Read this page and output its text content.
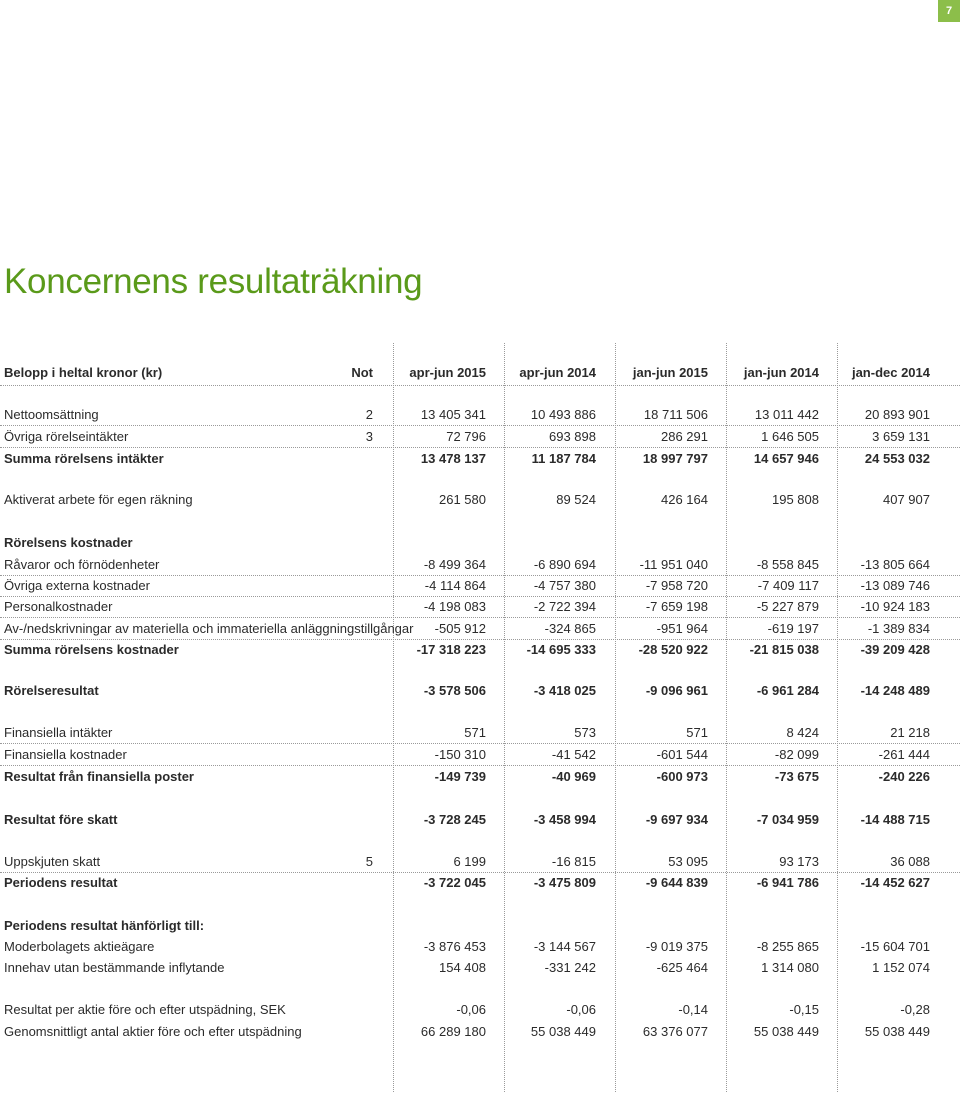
7
Koncernens resultaträkning
Belopp i heltal kronor (kr)	Not	apr-jun 2015	apr-jun 2014	jan-jun 2015	jan-jun 2014	jan-dec 2014
Nettoomsättning	2	13 405 341	10 493 886	18 711 506	13 011 442	20 893 901
Övriga rörelseintäkter	3	72 796	693 898	286 291	1 646 505	3 659 131
Summa rörelsens intäkter	13 478 137	11 187 784	18 997 797	14 657 946	24 553 032
Aktiverat arbete för egen räkning	261 580	89 524	426 164	195 808	407 907
Rörelsens kostnader
Råvaror och förnödenheter	-8 499 364	-6 890 694	-11 951 040	-8 558 845	-13 805 664
Övriga externa kostnader	-4 114 864	-4 757 380	-7 958 720	-7 409 117	-13 089 746
Personalkostnader	-4 198 083	-2 722 394	-7 659 198	-5 227 879	-10 924 183
Av-/nedskrivningar av materiella och immateriella anläggningstillgångar -505 912	-324 865	-951 964	-619 197	-1 389 834
Summa rörelsens kostnader	-17 318 223	-14 695 333	-28 520 922	-21 815 038	-39 209 428
Rörelseresultat	-3 578 506	-3 418 025	-9 096 961	-6 961 284	-14 248 489
Finansiella intäkter	571	573	571	8 424	21 218
Finansiella kostnader	-150 310	-41 542	-601 544	-82 099	-261 444
Resultat från finansiella poster	-149 739	-40 969	-600 973	-73 675	-240 226
Resultat före skatt	-3 728 245	-3 458 994	-9 697 934	-7 034 959	-14 488 715
Uppskjuten skatt	5	6 199	-16 815	53 095	93 173	36 088
Periodens resultat	-3 722 045	-3 475 809	-9 644 839	-6 941 786	-14 452 627
Periodens resultat hänförligt till:
Moderbolagets aktieägare	-3 876 453	-3 144 567	-9 019 375	-8 255 865	-15 604 701
Innehav utan bestämmande inflytande	154 408	-331 242	-625 464	1 314 080	1 152 074
Resultat per aktie före och efter utspädning, SEK	-0,06	-0,06	-0,14	-0,15	-0,28
Genomsnittligt antal aktier före och efter utspädning	66 289 180	55 038 449	63 376 077	55 038 449	55 038 449
